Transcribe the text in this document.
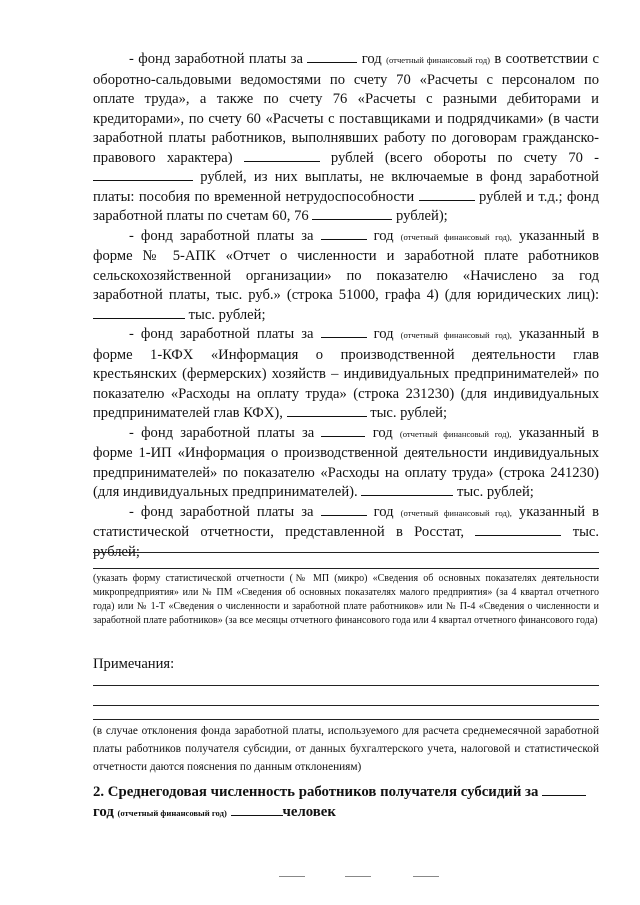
- фонд заработной платы за	год (отчетный финансовый год) в соответствии с оборотно-сальдовыми ведомостями по счету 70 «Расчеты с персоналом по оплате труда», а также по счету 76 «Расчеты с разными дебиторами и кредиторами», по счету 60 «Расчеты с поставщиками и подрядчиками» (в части заработной платы работников, выполнявших работу по договорам гражданско-правового характера)	рублей (всего обороты по счету 70 -  рублей, из них выплаты, не включаемые в фонд заработной платы: пособия по временной нетрудоспособности	рублей и т.д.; фонд заработной платы по счетам 60, 76	рублей);

- фонд заработной платы за	год (отчетный финансовый год), указанный в форме № 5-АПК «Отчет о численности и заработной плате работников сельскохозяйственной организации» по показателю «Начислено за год заработной платы, тыс. руб.» (строка 51000, графа 4) (для юридических лиц):  тыс. рублей;

- фонд заработной платы за	год (отчетный финансовый год), указанный в форме 1-КФХ «Информация о производственной деятельности глав крестьянских (фермерских) хозяйств – индивидуальных предпринимателей» по показателю «Расходы на оплату труда» (строка 231230) (для индивидуальных предпринимателей глав КФХ),	тыс. рублей;

- фонд заработной платы за	год (отчетный финансовый год), указанный в форме 1-ИП «Информация о производственной деятельности индивидуальных предпринимателей» по показателю «Расходы на оплату труда» (строка 241230) (для индивидуальных предпринимателей).	тыс. рублей;

- фонд заработной платы за	год (отчетный финансовый год), указанный в статистической отчетности, представленной в Росстат,	тыс. рублей;

(указать форму статистической отчетности (№ МП (микро) «Сведения об основных показателях деятельности микропредприятия» или № ПМ «Сведения об основных показателях малого предприятия» (за 4 квартал отчетного года) или № 1-Т «Сведения о численности и заработной плате работников» или № П-4 «Сведения о численности и заработной плате работников» (за все месяцы отчетного финансового года или 4 квартал отчетного финансового года)

Примечания:

(в случае отклонения фонда заработной платы, используемого для расчета среднемесячной заработной платы работников получателя субсидии, от данных бухгалтерского учета, налоговой и статистической отчетности даются пояснения по данным отклонениям)

2. Среднегодовая численность работников получателя субсидий за

год (отчетный финансовый год)	человек
